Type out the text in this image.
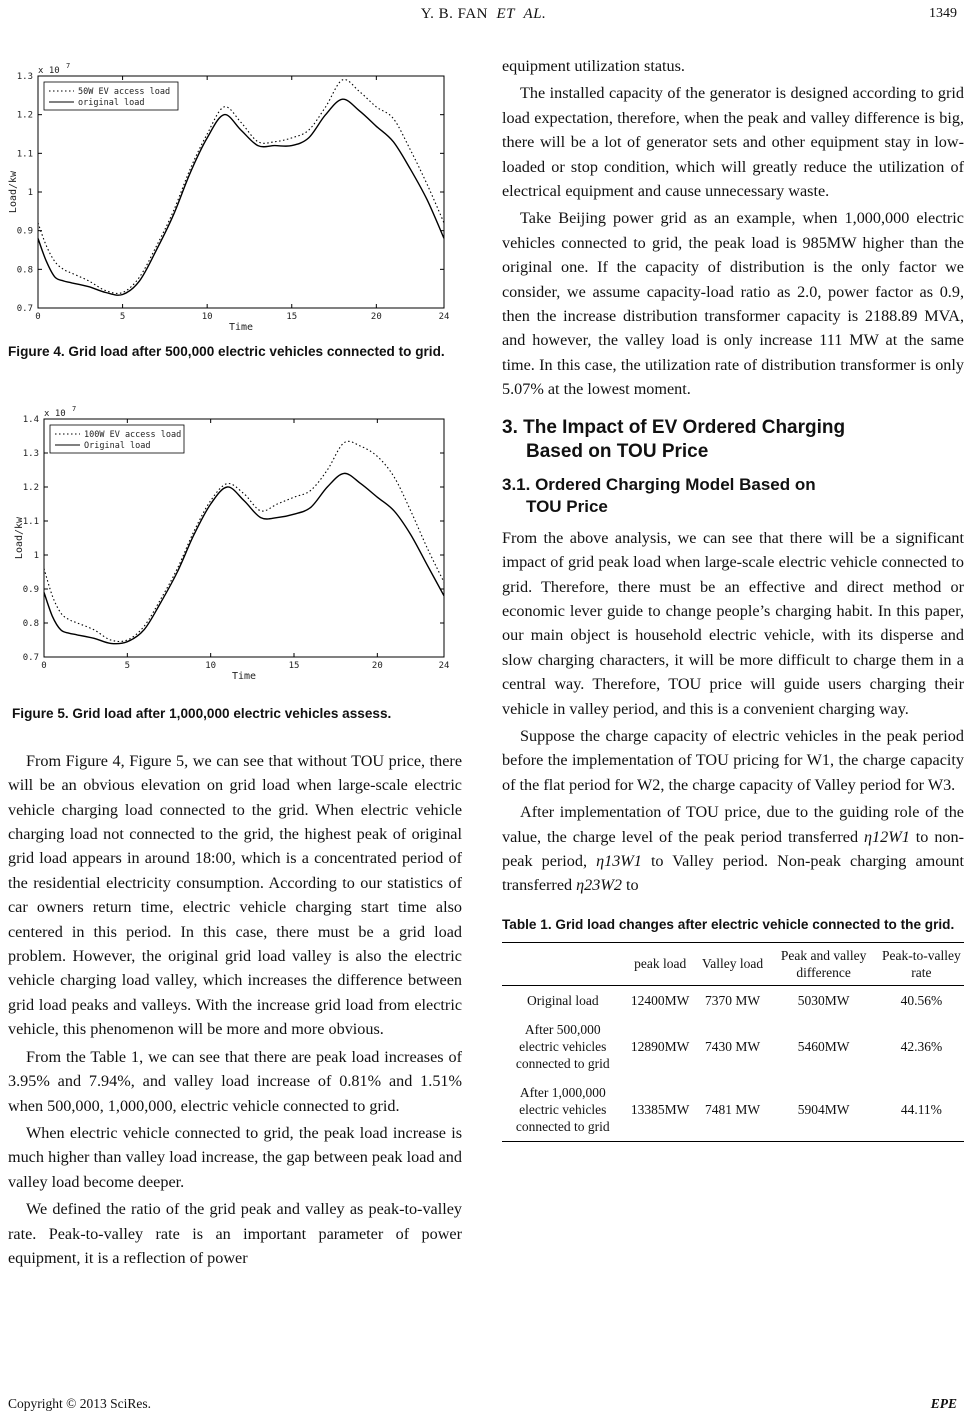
Y. B. FAN ET AL.	1349
0	5	10	15	20	24
0.7
0.8
0.9
1
1.1
1.2
1.3
x 10 7
Time
Load/kw
50W EV access load
original load
Figure 4. Grid load after 500,000 electric vehicles connected to grid.
0	5	10	15	20	24
0.7
0.8
0.9
1
1.1
1.2
1.3
1.4
x 10 7
Time
Load/kw
100W EV access load
Original load
Figure 5. Grid load after 1,000,000 electric vehicles assess.

From Figure 4, Figure 5, we can see that without TOU price, there will be an obvious elevation on grid load when large-scale electric vehicle charging load connected to the grid. When electric vehicle charging load not connected to the grid, the highest peak of original grid load appears in around 18:00, which is a concentrated period of the residential electricity consumption. According to our statistics of car owners return time, electric vehicle charging start time also centered in this period. In this case, there must be a grid load problem. However, the original grid load valley is also the electric vehicle charging load valley, which increases the difference between grid load peaks and valleys. With the increase grid load from electric vehicle, this phenomenon will be more and more obvious.

From the Table 1, we can see that there are peak load increases of 3.95% and 7.94%, and valley load increase of 0.81% and 1.51% when 500,000, 1,000,000, electric vehicle connected to grid.

When electric vehicle connected to grid, the peak load increase is much higher than valley load increase, the gap between peak load and valley load become deeper.

We defined the ratio of the grid peak and valley as peak-to-valley rate. Peak-to-valley rate is an important parameter of power equipment, it is a reflection of power

equipment utilization status.

The installed capacity of the generator is designed according to grid load expectation, therefore, when the peak and valley difference is big, there will be a lot of generator sets and other equipment stay in low-loaded or stop condition, which will greatly reduce the utilization of electrical equipment and cause unnecessary waste.

Take Beijing power grid as an example, when 1,000,000 electric vehicles connected to grid, the peak load is 985MW higher than the original one. If the capacity of distribution is the only factor we consider, we assume capacity-load ratio as 2.0, power factor as 0.9, then the increase distribution transformer capacity is 2188.89 MVA, and however, the valley load is only increase 111 MW at the same time. In this case, the utilization rate of distribution transformer is only 5.07% at the lowest moment.

3. The Impact of EV Ordered Charging
Based on TOU Price
3.1. Ordered Charging Model Based on
TOU Price

From the above analysis, we can see that there will be a significant impact of grid peak load when large-scale electric vehicle connected to grid. Therefore, there must be an effective and direct method or economic lever guide to change people’s charging habit. In this paper, our main object is household electric vehicle, with its disperse and slow charging characters, it will be more difficult to charge them in a central way. Therefore, TOU price will guide users charging their vehicle in valley period, and this is a convenient charging way.

Suppose the charge capacity of electric vehicles in the peak period before the implementation of TOU pricing for W1, the charge capacity of the flat period for W2, the charge capacity of Valley period for W3.

After implementation of TOU price, due to the guiding role of the value, the charge level of the peak period transferred η12W1 to non-peak period, η13W1 to Valley period. Non-peak charging amount transferred η23W2 to

Table 1. Grid load changes after electric vehicle connected to the grid.
	peak load	Valley load	Peak and valley difference	Peak-to-valley rate
Original load	12400MW	7370 MW	5030MW	40.56%
After 500,000 electric vehicles connected to grid	12890MW	7430 MW	5460MW	42.36%
After 1,000,000 electric vehicles connected to grid	13385MW	7481 MW	5904MW	44.11%
Copyright © 2013 SciRes.	EPE
